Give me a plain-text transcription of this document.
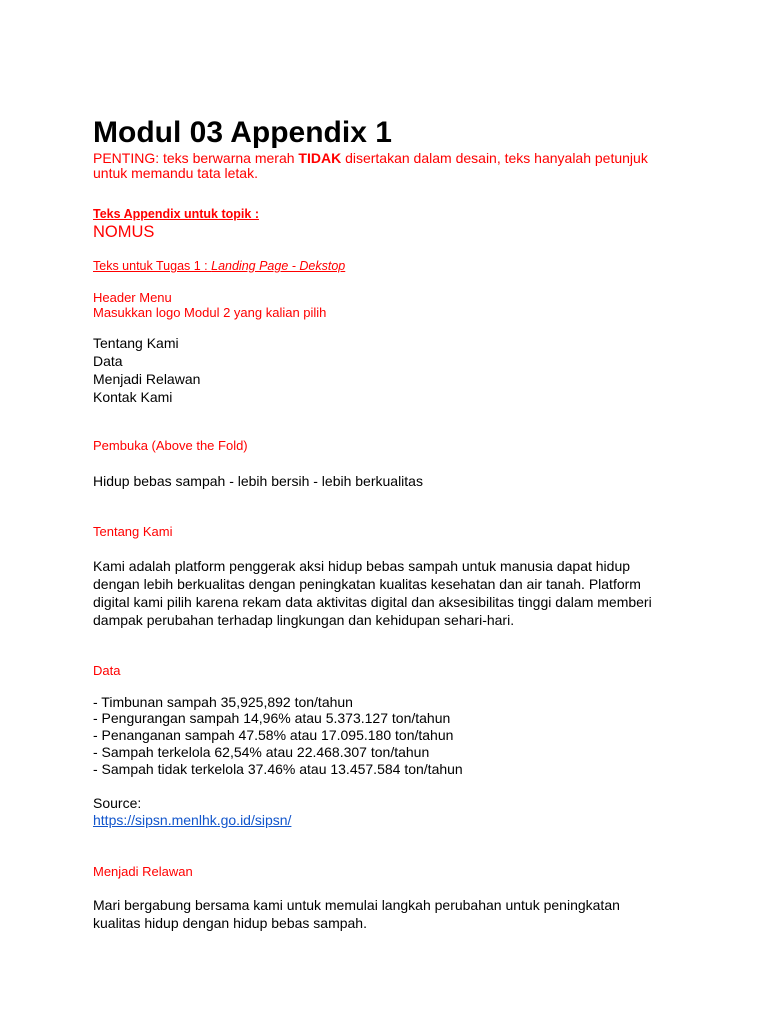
Modul 03 Appendix 1
PENTING: teks berwarna merah TIDAK disertakan dalam desain, teks hanyalah petunjuk
untuk memandu tata letak.
Teks Appendix untuk topik :
NOMUS
Teks untuk Tugas 1 : Landing Page - Dekstop
Header Menu
Masukkan logo Modul 2 yang kalian pilih
Tentang Kami
Data
Menjadi Relawan
Kontak Kami
Pembuka (Above the Fold)
Hidup bebas sampah - lebih bersih - lebih berkualitas
Tentang Kami
Kami adalah platform penggerak aksi hidup bebas sampah untuk manusia dapat hidup
dengan lebih berkualitas dengan peningkatan kualitas kesehatan dan air tanah. Platform
digital kami pilih karena rekam data aktivitas digital dan aksesibilitas tinggi dalam memberi
dampak perubahan terhadap lingkungan dan kehidupan sehari-hari.
Data
- Timbunan sampah 35,925,892 ton/tahun
- Pengurangan sampah 14,96% atau 5.373.127 ton/tahun
- Penanganan sampah 47.58% atau 17.095.180 ton/tahun
- Sampah terkelola 62,54% atau 22.468.307 ton/tahun
- Sampah tidak terkelola 37.46% atau 13.457.584 ton/tahun
Source:
https://sipsn.menlhk.go.id/sipsn/
Menjadi Relawan
Mari bergabung bersama kami untuk memulai langkah perubahan untuk peningkatan
kualitas hidup dengan hidup bebas sampah.
